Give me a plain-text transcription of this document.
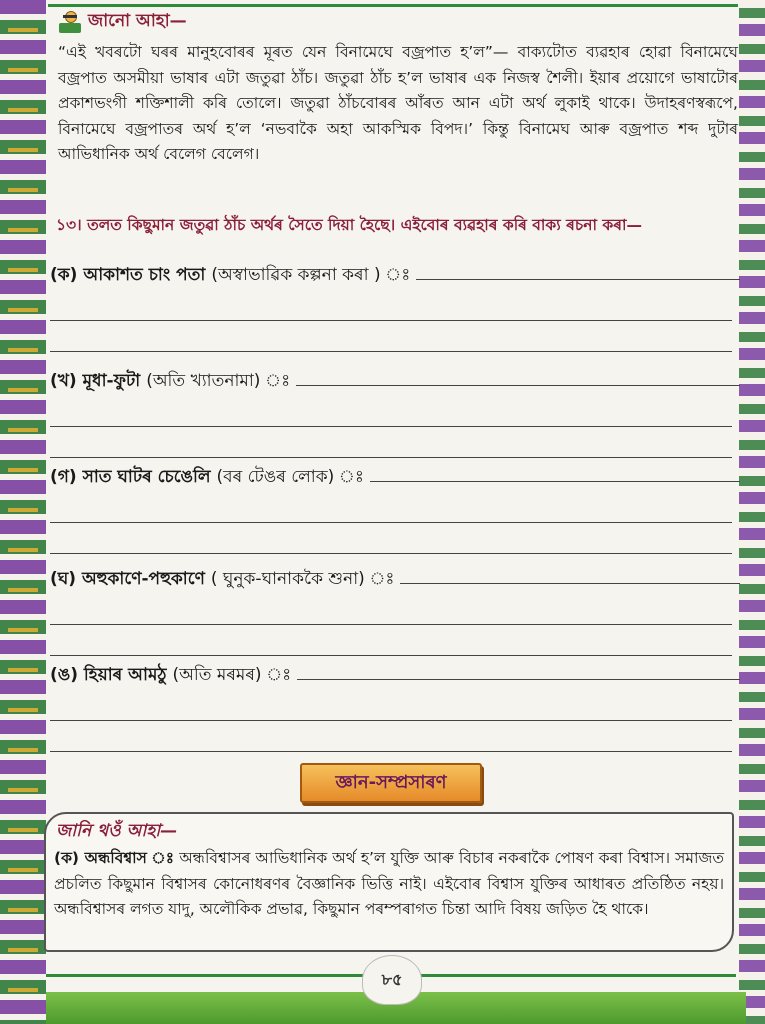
জানো আহা—
“এই খবৰটো ঘৰৰ মানুহবোৰৰ মূৰত যেন বিনামেঘে বজ্রপাত হ’ল”— বাক্যটোত ব্যৱহাৰ হোৱা বিনামেঘে বজ্রপাত অসমীয়া ভাষাৰ এটা জতুৱা ঠাঁচ। জতুৱা ঠাঁচ হ’ল ভাষাৰ এক নিজস্ব শৈলী। ইয়াৰ প্ৰয়োগে ভাষাটোৰ প্ৰকাশভংগী শক্তিশালী কৰি তোলে। জতুৱা ঠাঁচবোৰৰ আঁৰত আন এটা অৰ্থ লুকাই থাকে। উদাহৰণস্বৰূপে, বিনামেঘে বজ্রপাতৰ অৰ্থ হ’ল ‘নভবাকৈ অহা আকস্মিক বিপদ।’ কিন্তু বিনামেঘ আৰু বজ্রপাত শব্দ দুটাৰ আভিধানিক অৰ্থ বেলেগ বেলেগ।
১৩। তলত কিছুমান জতুৱা ঠাঁচ অৰ্থৰ সৈতে দিয়া হৈছে। এইবোৰ ব্যৱহাৰ কৰি বাক্য ৰচনা কৰা—
(ক) আকাশত চাং পতা (অস্বাভাৱিক কল্পনা কৰা ) ঃ
(খ) মূধা-ফুটা (অতি খ্যাতনামা) ঃ
(গ) সাত ঘাটৰ চেঙেলি (বৰ টেঙৰ লোক) ঃ
(ঘ) অহুকাণে-পহুকাণে ( ঘুনুক-ঘানাককৈ শুনা) ঃ
(ঙ) হিয়াৰ আমঠু (অতি মৰমৰ) ঃ
জ্ঞান-সম্প্ৰসাৰণ
জানি থওঁ আহা—
(ক) অন্ধবিশ্বাস ঃ অন্ধবিশ্বাসৰ আভিধানিক অৰ্থ হ’ল যুক্তি আৰু বিচাৰ নকৰাকৈ পোষণ কৰা বিশ্বাস। সমাজত প্ৰচলিত কিছুমান বিশ্বাসৰ কোনোধৰণৰ বৈজ্ঞানিক ভিত্তি নাই। এইবোৰ বিশ্বাস যুক্তিৰ আধাৰত প্ৰতিষ্ঠিত নহয়। অন্ধবিশ্বাসৰ লগত যাদু, অলৌকিক প্ৰভাৱ, কিছুমান পৰম্পৰাগত চিন্তা আদি বিষয় জড়িত হৈ থাকে।
৮৫
